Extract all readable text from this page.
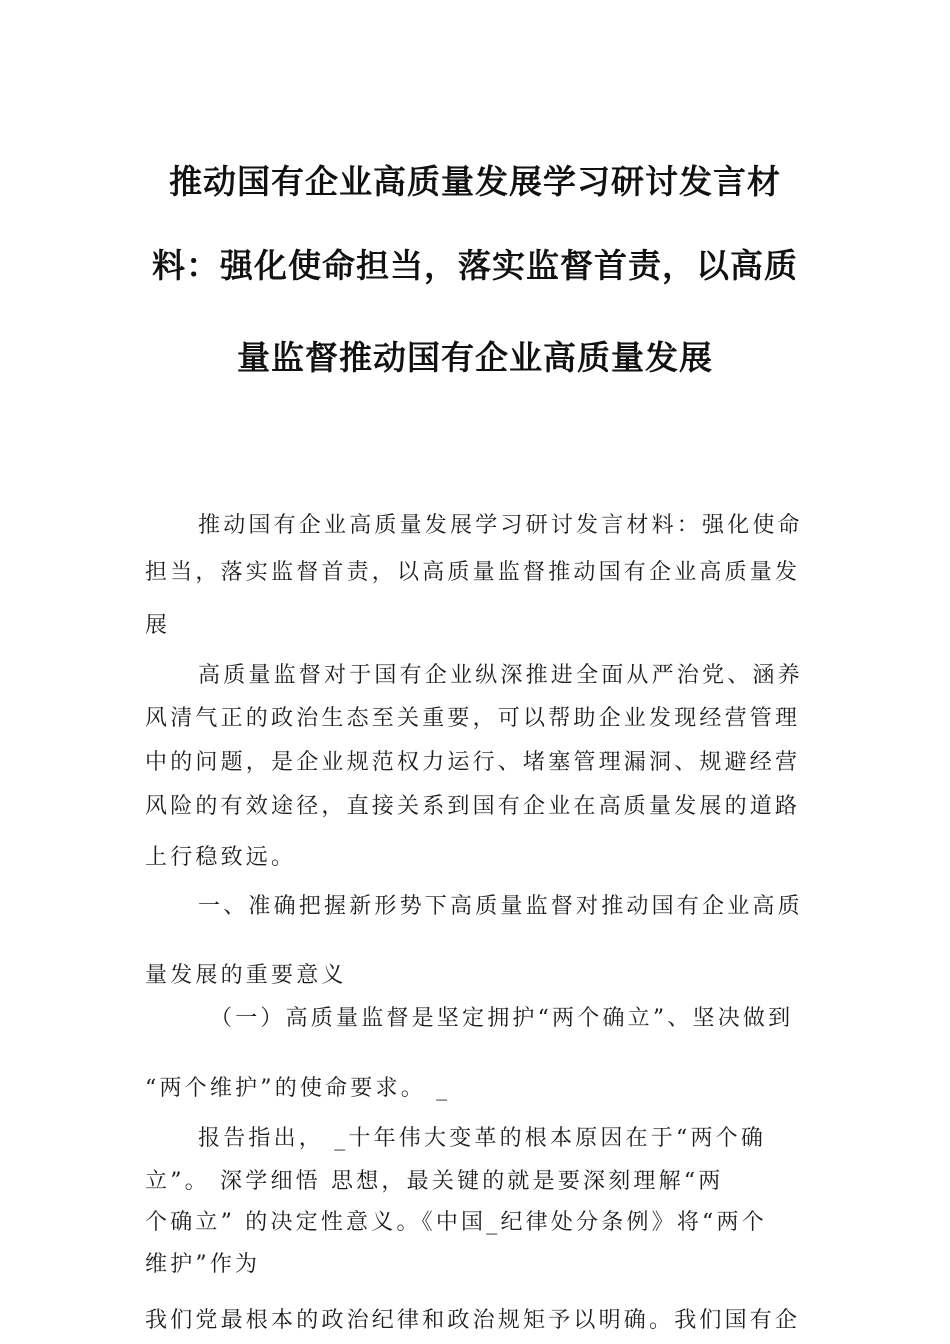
推动国有企业高质量发展学习研讨发言材
料：强化使命担当，落实监督首责，以高质
量监督推动国有企业高质量发展
推动国有企业高质量发展学习研讨发言材料：强化使命
担当，落实监督首责，以高质量监督推动国有企业高质量发
展
高质量监督对于国有企业纵深推进全面从严治党、涵养
风清气正的政治生态至关重要，可以帮助企业发现经营管理
中的问题，是企业规范权力运行、堵塞管理漏洞、规避经营
风险的有效途径，直接关系到国有企业在高质量发展的道路
上行稳致远。
一、准确把握新形势下高质量监督对推动国有企业高质
量发展的重要意义
（一）高质量监督是坚定拥护“两个确立”、坚决做到
“两个维护”的使命要求。 _
报告指出， _十年伟大变革的根本原因在于“两个确
立”。 深学细悟 思想，最关键的就是要深刻理解“两
个确立” 的决定性意义。《中国_纪律处分条例》将“两个
维护”作为
我们党最根本的政治纪律和政治规矩予以明确。我们国有企
